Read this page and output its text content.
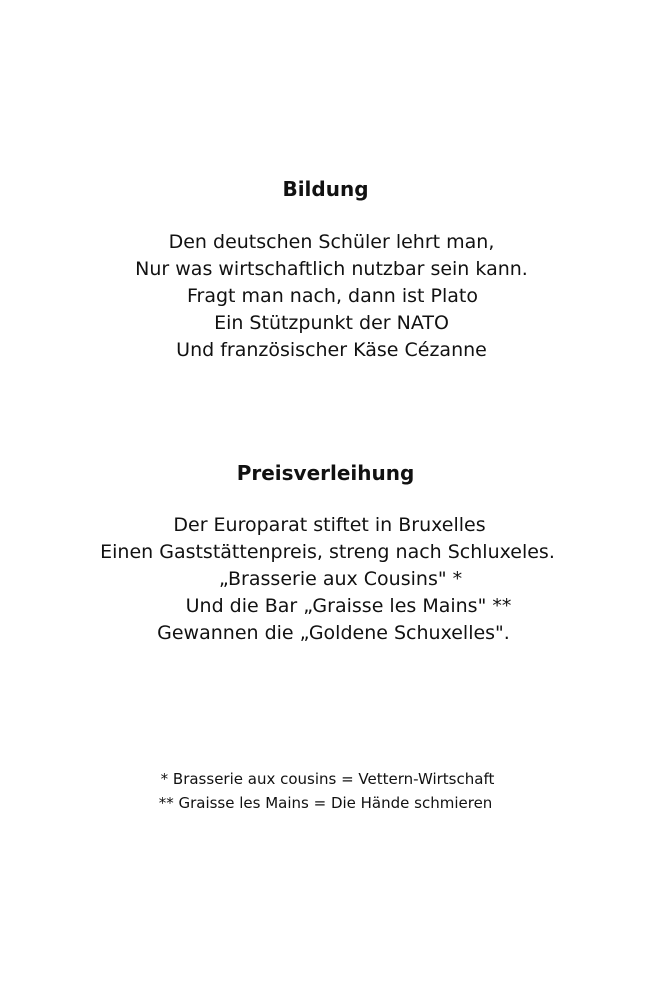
Bildung
Den deutschen Schüler lehrt man,
Nur was wirtschaftlich nutzbar sein kann.
Fragt man nach, dann ist Plato
Ein Stützpunkt der NATO
Und französischer Käse Cézanne
Preisverleihung
Der Europarat stiftet in Bruxelles
Einen Gaststättenpreis, streng nach Schluxeles.
„Brasserie aux Cousins" *
Und die Bar „Graisse les Mains" **
Gewannen die „Goldene Schuxelles".
* Brasserie aux cousins = Vettern-Wirtschaft
** Graisse les Mains = Die Hände schmieren
